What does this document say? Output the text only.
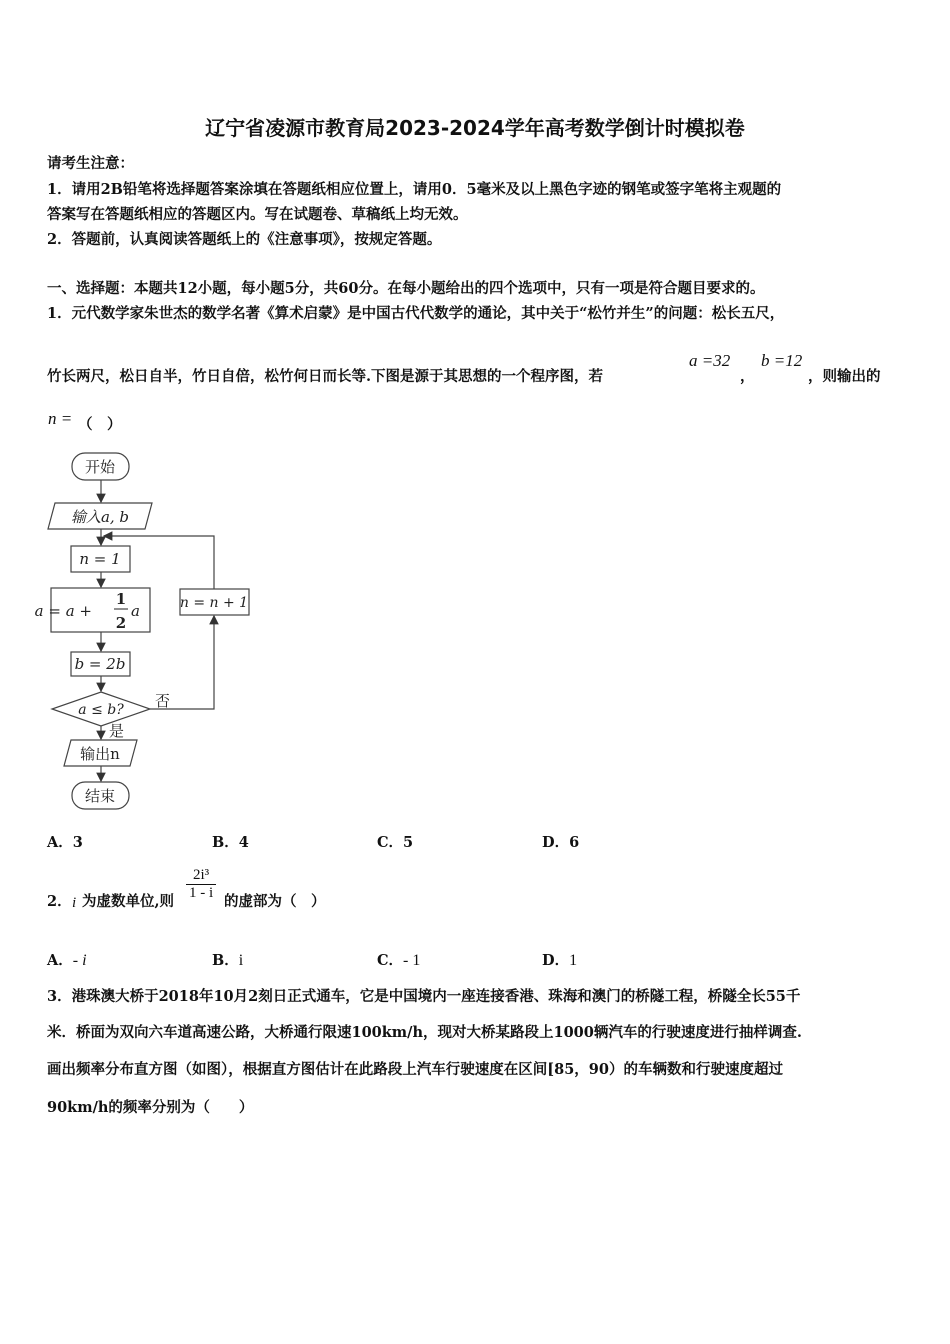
辽宁省凌源市教育局2023-2024学年高考数学倒计时模拟卷
请考生注意：
1．请用2B铅笔将选择题答案涂填在答题纸相应位置上，请用0．5毫米及以上黑色字迹的钢笔或签字笔将主观题的
答案写在答题纸相应的答题区内。写在试题卷、草稿纸上均无效。
2．答题前，认真阅读答题纸上的《注意事项》，按规定答题。
一、选择题：本题共12小题，每小题5分，共60分。在每小题给出的四个选项中，只有一项是符合题目要求的。
1．元代数学家朱世杰的数学名著《算术启蒙》是中国古代代数学的通论，其中关于“松竹并生”的问题：松长五尺，
竹长两尺，松日自半，竹日自倍，松竹何日而长等.下图是源于其思想的一个程序图，若
a =32
，
b =12
，则输出的
n = （　）
开始
输入a, b
n = 1
a = a +
1
2
a
b = 2b
a ≤ b? 否
是
n = n + 1
输出n
结束
A．3	B．4	C．5	D．6
2． i 为虚数单位,则 $\frac{\text{2i³}}{1 - i}$ 的虚部为（　）
A．- i	B．i	C．- 1	D．1
3．港珠澳大桥于2018年10月2刻日正式通车，它是中国境内一座连接香港、珠海和澳门的桥隧工程，桥隧全长55千
米．桥面为双向六车道高速公路，大桥通行限速100km/h，现对大桥某路段上1000辆汽车的行驶速度进行抽样调查.
画出频率分布直方图（如图），根据直方图估计在此路段上汽车行驶速度在区间[85，90）的车辆数和行驶速度超过
90km/h的频率分别为（　　）
